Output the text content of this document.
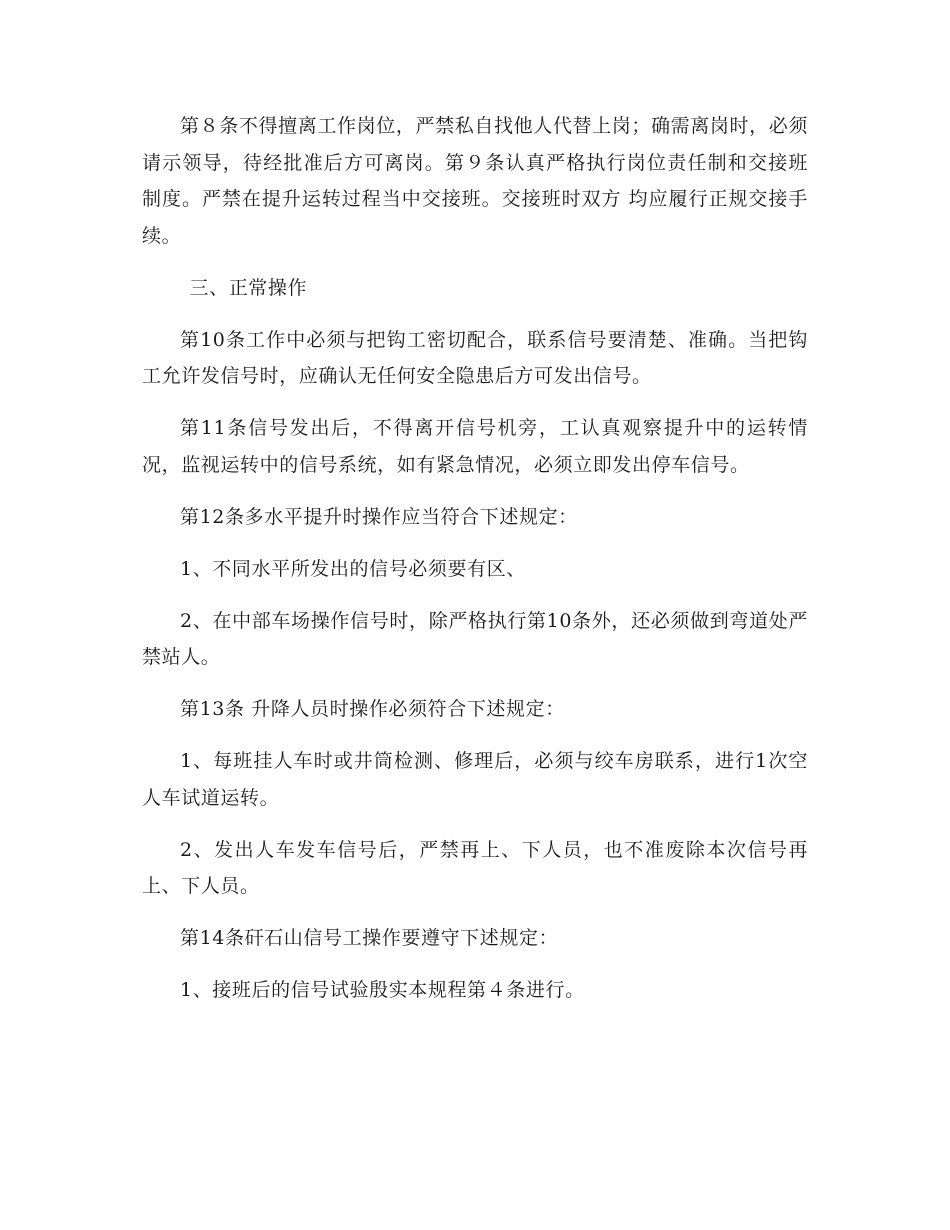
第８条不得擅离工作岗位，严禁私自找他人代替上岗；确需离岗时，必须请示领导，待经批准后方可离岗。第９条认真严格执行岗位责任制和交接班制度。严禁在提升运转过程当中交接班。交接班时双方 均应履行正规交接手续。

三、正常操作

第10条工作中必须与把钩工密切配合，联系信号要清楚、准确。当把钩工允许发信号时，应确认无任何安全隐患后方可发出信号。

第11条信号发出后，不得离开信号机旁，工认真观察提升中的运转情况，监视运转中的信号系统，如有紧急情况，必须立即发出停车信号。

第12条多水平提升时操作应当符合下述规定：

1、不同水平所发出的信号必须要有区、

2、在中部车场操作信号时，除严格执行第10条外，还必须做到弯道处严禁站人。

第13条 升降人员时操作必须符合下述规定：

1、每班挂人车时或井筒检测、修理后，必须与绞车房联系，进行1次空人车试道运转。

2、发出人车发车信号后，严禁再上、下人员，也不准废除本次信号再上、下人员。

第14条矸石山信号工操作要遵守下述规定：

1、接班后的信号试验殷实本规程第４条进行。
